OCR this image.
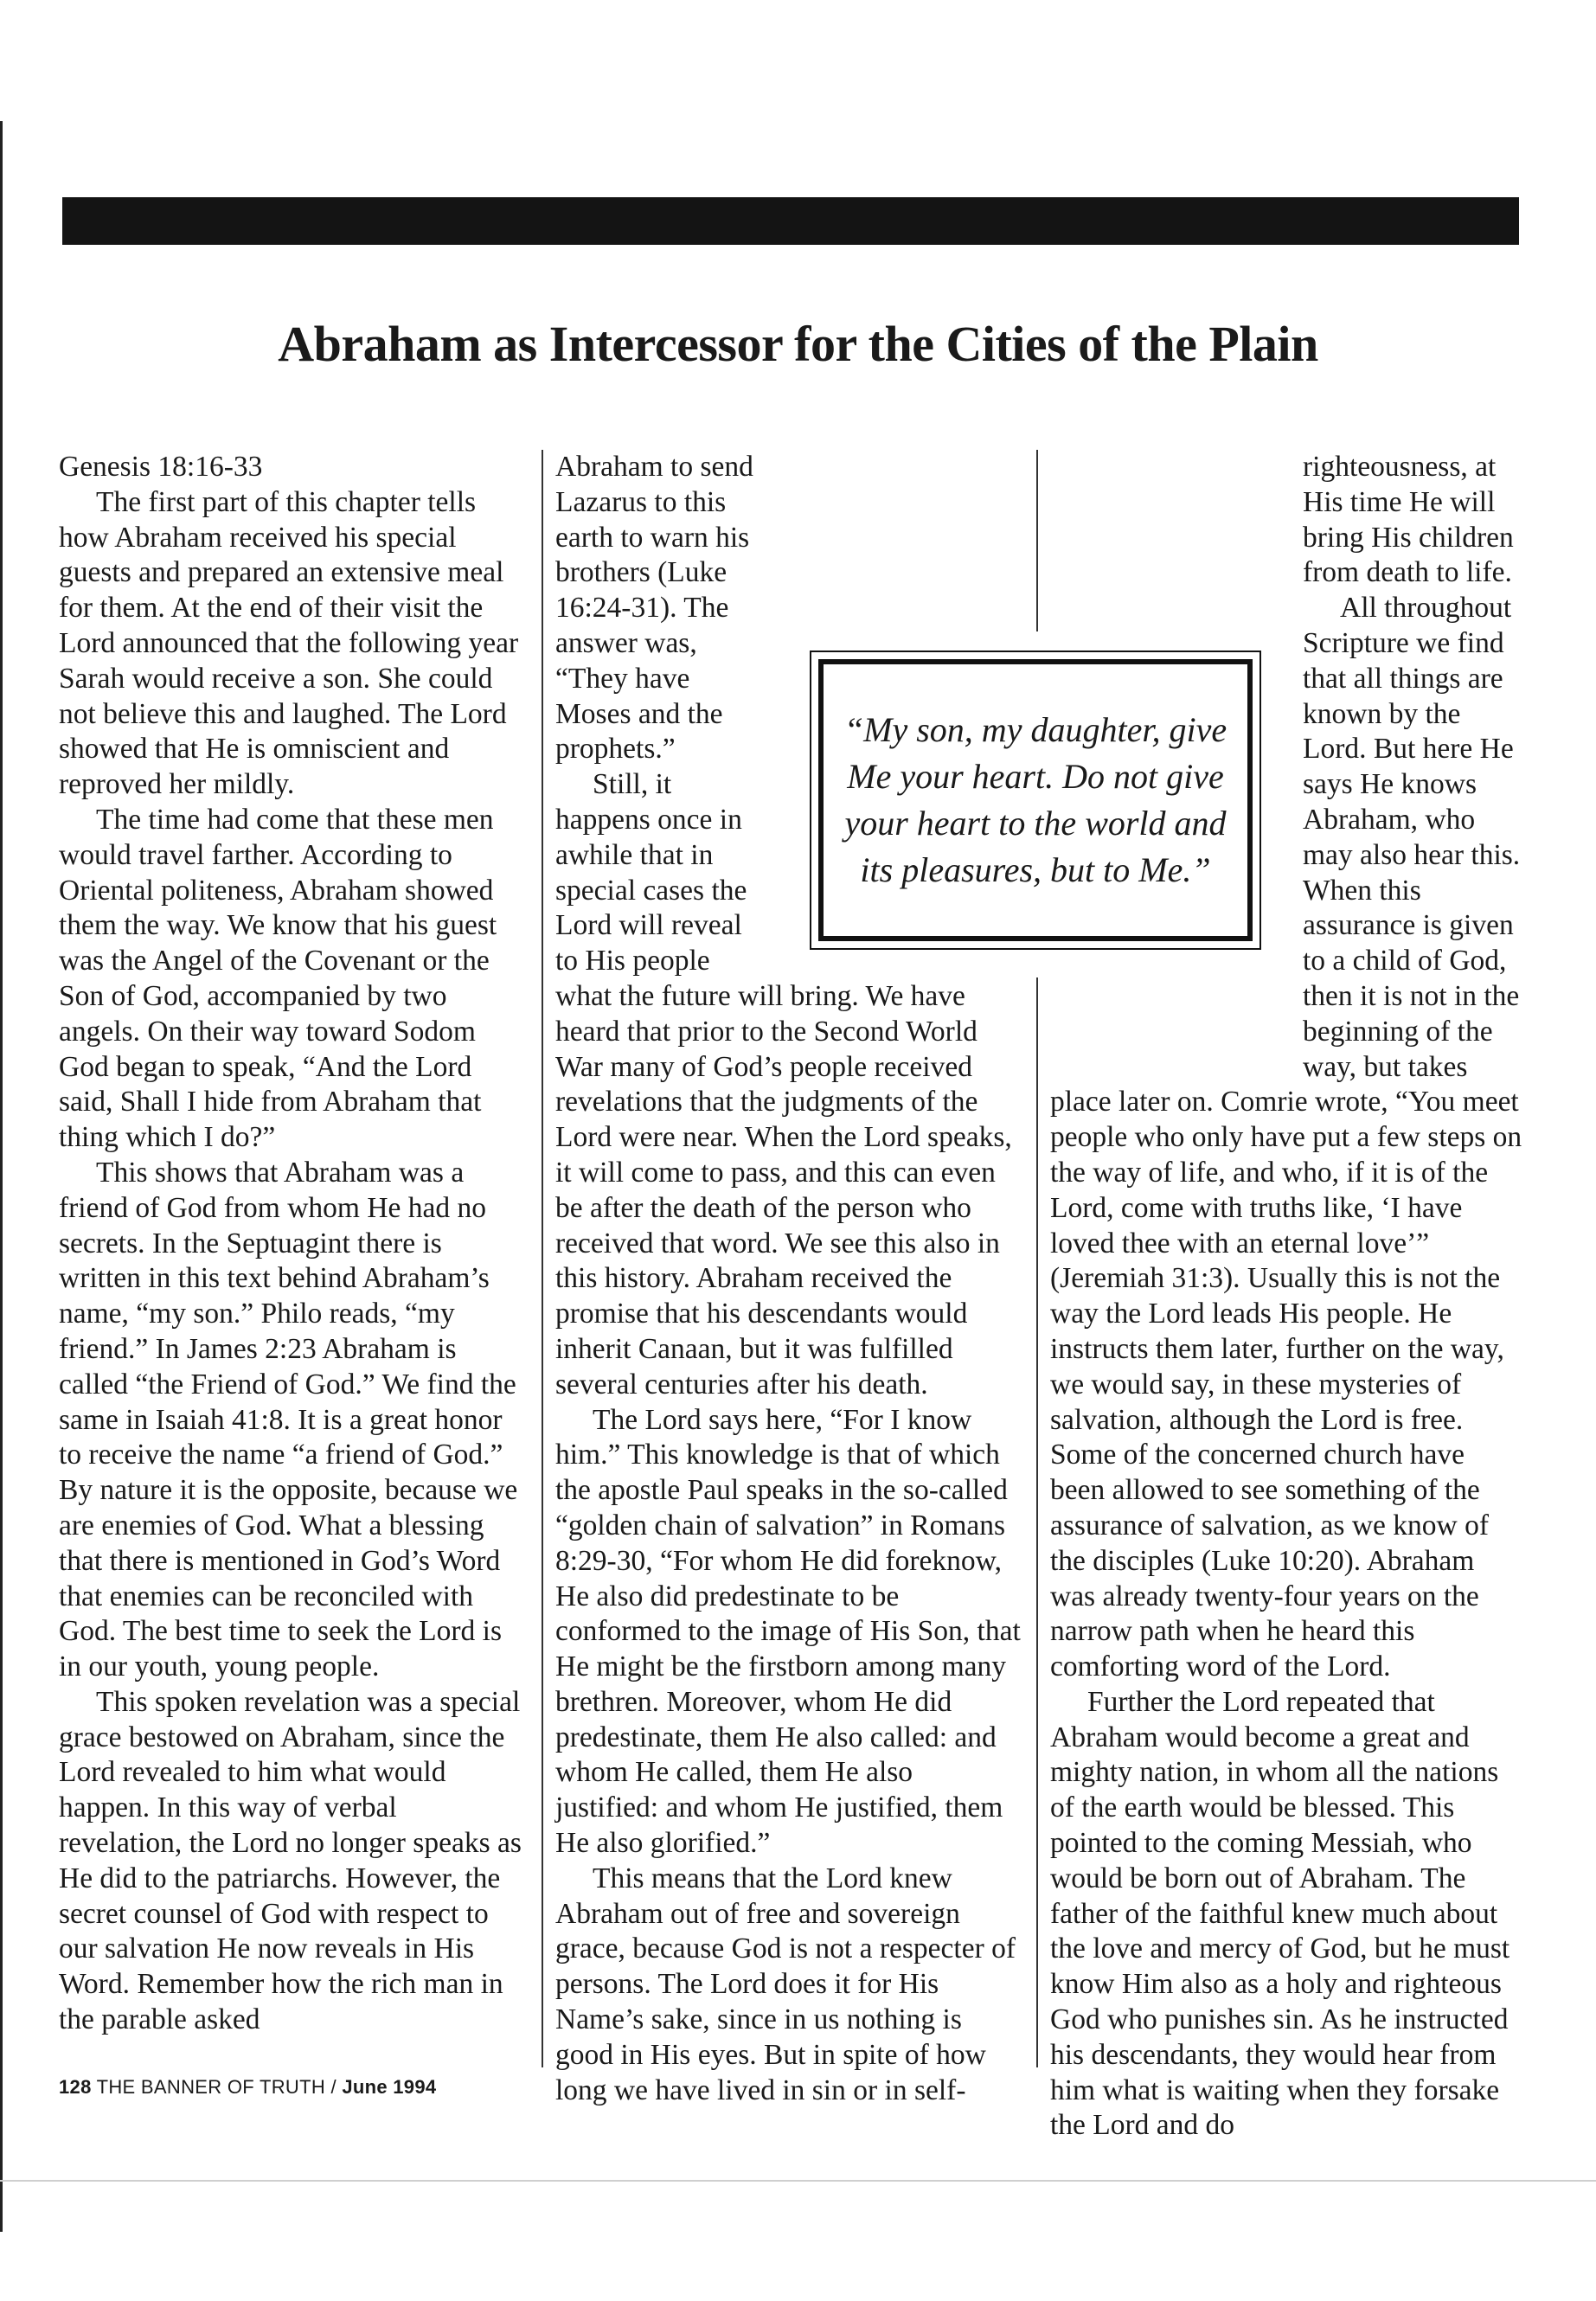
Abraham as Intercessor for the Cities of the Plain
Genesis 18:16-33

The first part of this chapter tells how Abraham received his special guests and prepared an extensive meal for them. At the end of their visit the Lord announced that the following year Sarah would receive a son. She could not believe this and laughed. The Lord showed that He is omniscient and reproved her mildly.

The time had come that these men would travel farther. According to Oriental politeness, Abraham showed them the way. We know that his guest was the Angel of the Covenant or the Son of God, accompanied by two angels. On their way toward Sodom God began to speak, “And the Lord said, Shall I hide from Abraham that thing which I do?”

This shows that Abraham was a friend of God from whom He had no secrets. In the Septuagint there is written in this text behind Abraham’s name, “my son.” Philo reads, “my friend.” In James 2:23 Abraham is called “the Friend of God.” We find the same in Isaiah 41:8. It is a great honor to receive the name “a friend of God.” By nature it is the opposite, because we are enemies of God. What a blessing that there is mentioned in God’s Word that enemies can be reconciled with God. The best time to seek the Lord is in our youth, young people.

This spoken revelation was a special grace bestowed on Abraham, since the Lord revealed to him what would happen. In this way of verbal revelation, the Lord no longer speaks as He did to the patriarchs. However, the secret counsel of God with respect to our salvation He now reveals in His Word. Remember how the rich man in the parable asked

Abraham to send Lazarus to this earth to warn his brothers (Luke 16:24-31). The answer was, “They have Moses and the prophets.”

Still, it happens once in awhile that in special cases the Lord will reveal to His people what the future will bring. We have heard that prior to the Second World War many of God’s people received revelations that the judgments of the Lord were near. When the Lord speaks, it will come to pass, and this can even be after the death of the person who received that word. We see this also in this history. Abraham received the promise that his descendants would inherit Canaan, but it was fulfilled several centuries after his death.

The Lord says here, “For I know him.” This knowledge is that of which the apostle Paul speaks in the so-called “golden chain of salvation” in Romans 8:29-30, “For whom He did foreknow, He also did predestinate to be conformed to the image of His Son, that He might be the firstborn among many brethren. Moreover, whom He did predestinate, them He also called: and whom He called, them He also justified: and whom He justified, them He also glorified.”

This means that the Lord knew Abraham out of free and sovereign grace, because God is not a respecter of persons. The Lord does it for His Name’s sake, since in us nothing is good in His eyes. But in spite of how long we have lived in sin or in self-

righteousness, at His time He will bring His children from death to life.

All throughout Scripture we find that all things are known by the Lord. But here He says He knows Abraham, who may also hear this. When this assurance is given to a child of God, then it is not in the beginning of the way, but takes place later on. Comrie wrote, “You meet people who only have put a few steps on the way of life, and who, if it is of the Lord, come with truths like, ‘I have loved thee with an eternal love’” (Jeremiah 31:3). Usually this is not the way the Lord leads His people. He instructs them later, further on the way, we would say, in these mysteries of salvation, although the Lord is free. Some of the concerned church have been allowed to see something of the assurance of salvation, as we know of the disciples (Luke 10:20). Abraham was already twenty-four years on the narrow path when he heard this comforting word of the Lord.

Further the Lord repeated that Abraham would become a great and mighty nation, in whom all the nations of the earth would be blessed. This pointed to the coming Messiah, who would be born out of Abraham. The father of the faithful knew much about the love and mercy of God, but he must know Him also as a holy and righteous God who punishes sin. As he instructed his descendants, they would hear from him what is waiting when they forsake the Lord and do

“My son, my daughter, give Me your heart. Do not give your heart to the world and its pleasures, but to Me.”
128 THE BANNER OF TRUTH / June 1994
